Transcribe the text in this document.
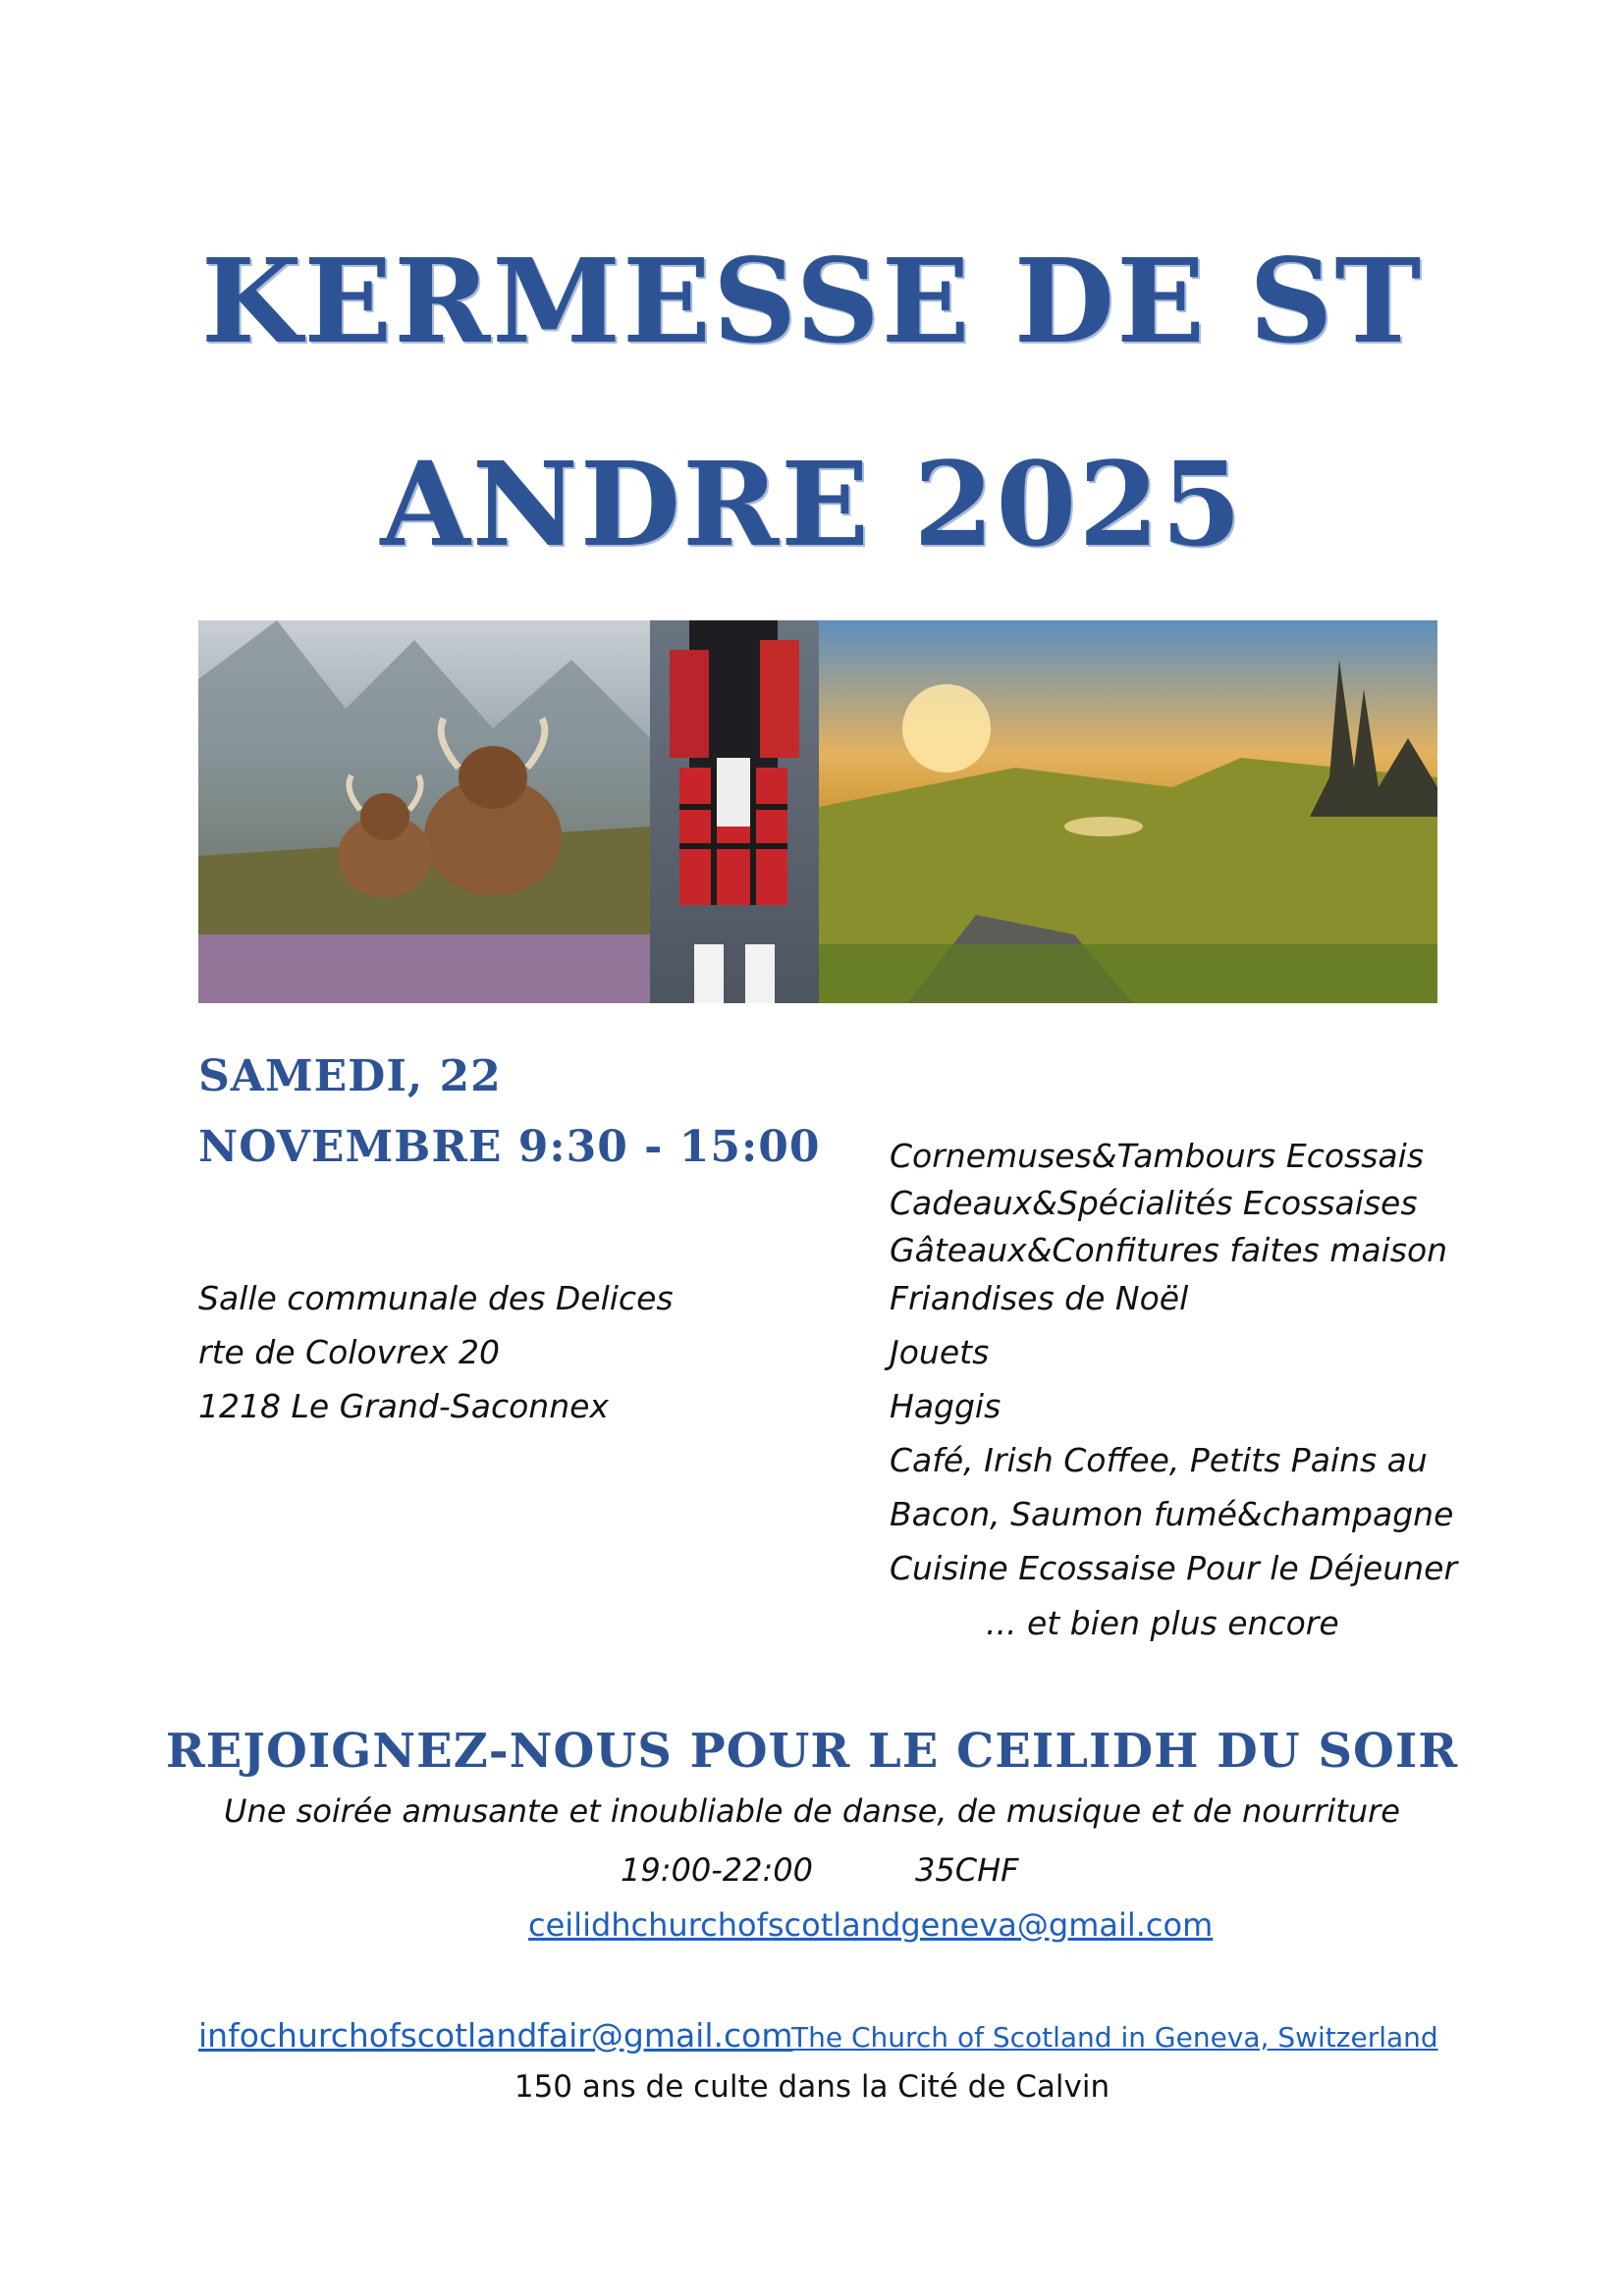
KERMESSE DE ST
ANDRE 2025
SAMEDI, 22
NOVEMBRE 9:30 - 15:00
Salle communale des Delices
rte de Colovrex 20
1218 Le Grand-Saconnex
Cornemuses&Tambours Ecossais
Cadeaux&Spécialités Ecossaises
Gâteaux&Confitures faites maison
Friandises de Noël
Jouets
Haggis
Café, Irish Coffee, Petits Pains au
Bacon, Saumon fumé&champagne
Cuisine Ecossaise Pour le Déjeuner
... et bien plus encore
REJOIGNEZ-NOUS POUR LE CEILIDH DU SOIR
Une soirée amusante et inoubliable de danse, de musique et de nourriture
19:00-22:00	35CHF
ceilidhchurchofscotlandgeneva@gmail.com
infochurchofscotlandfair@gmail.com
The Church of Scotland in Geneva, Switzerland
150 ans de culte dans la Cité de Calvin
